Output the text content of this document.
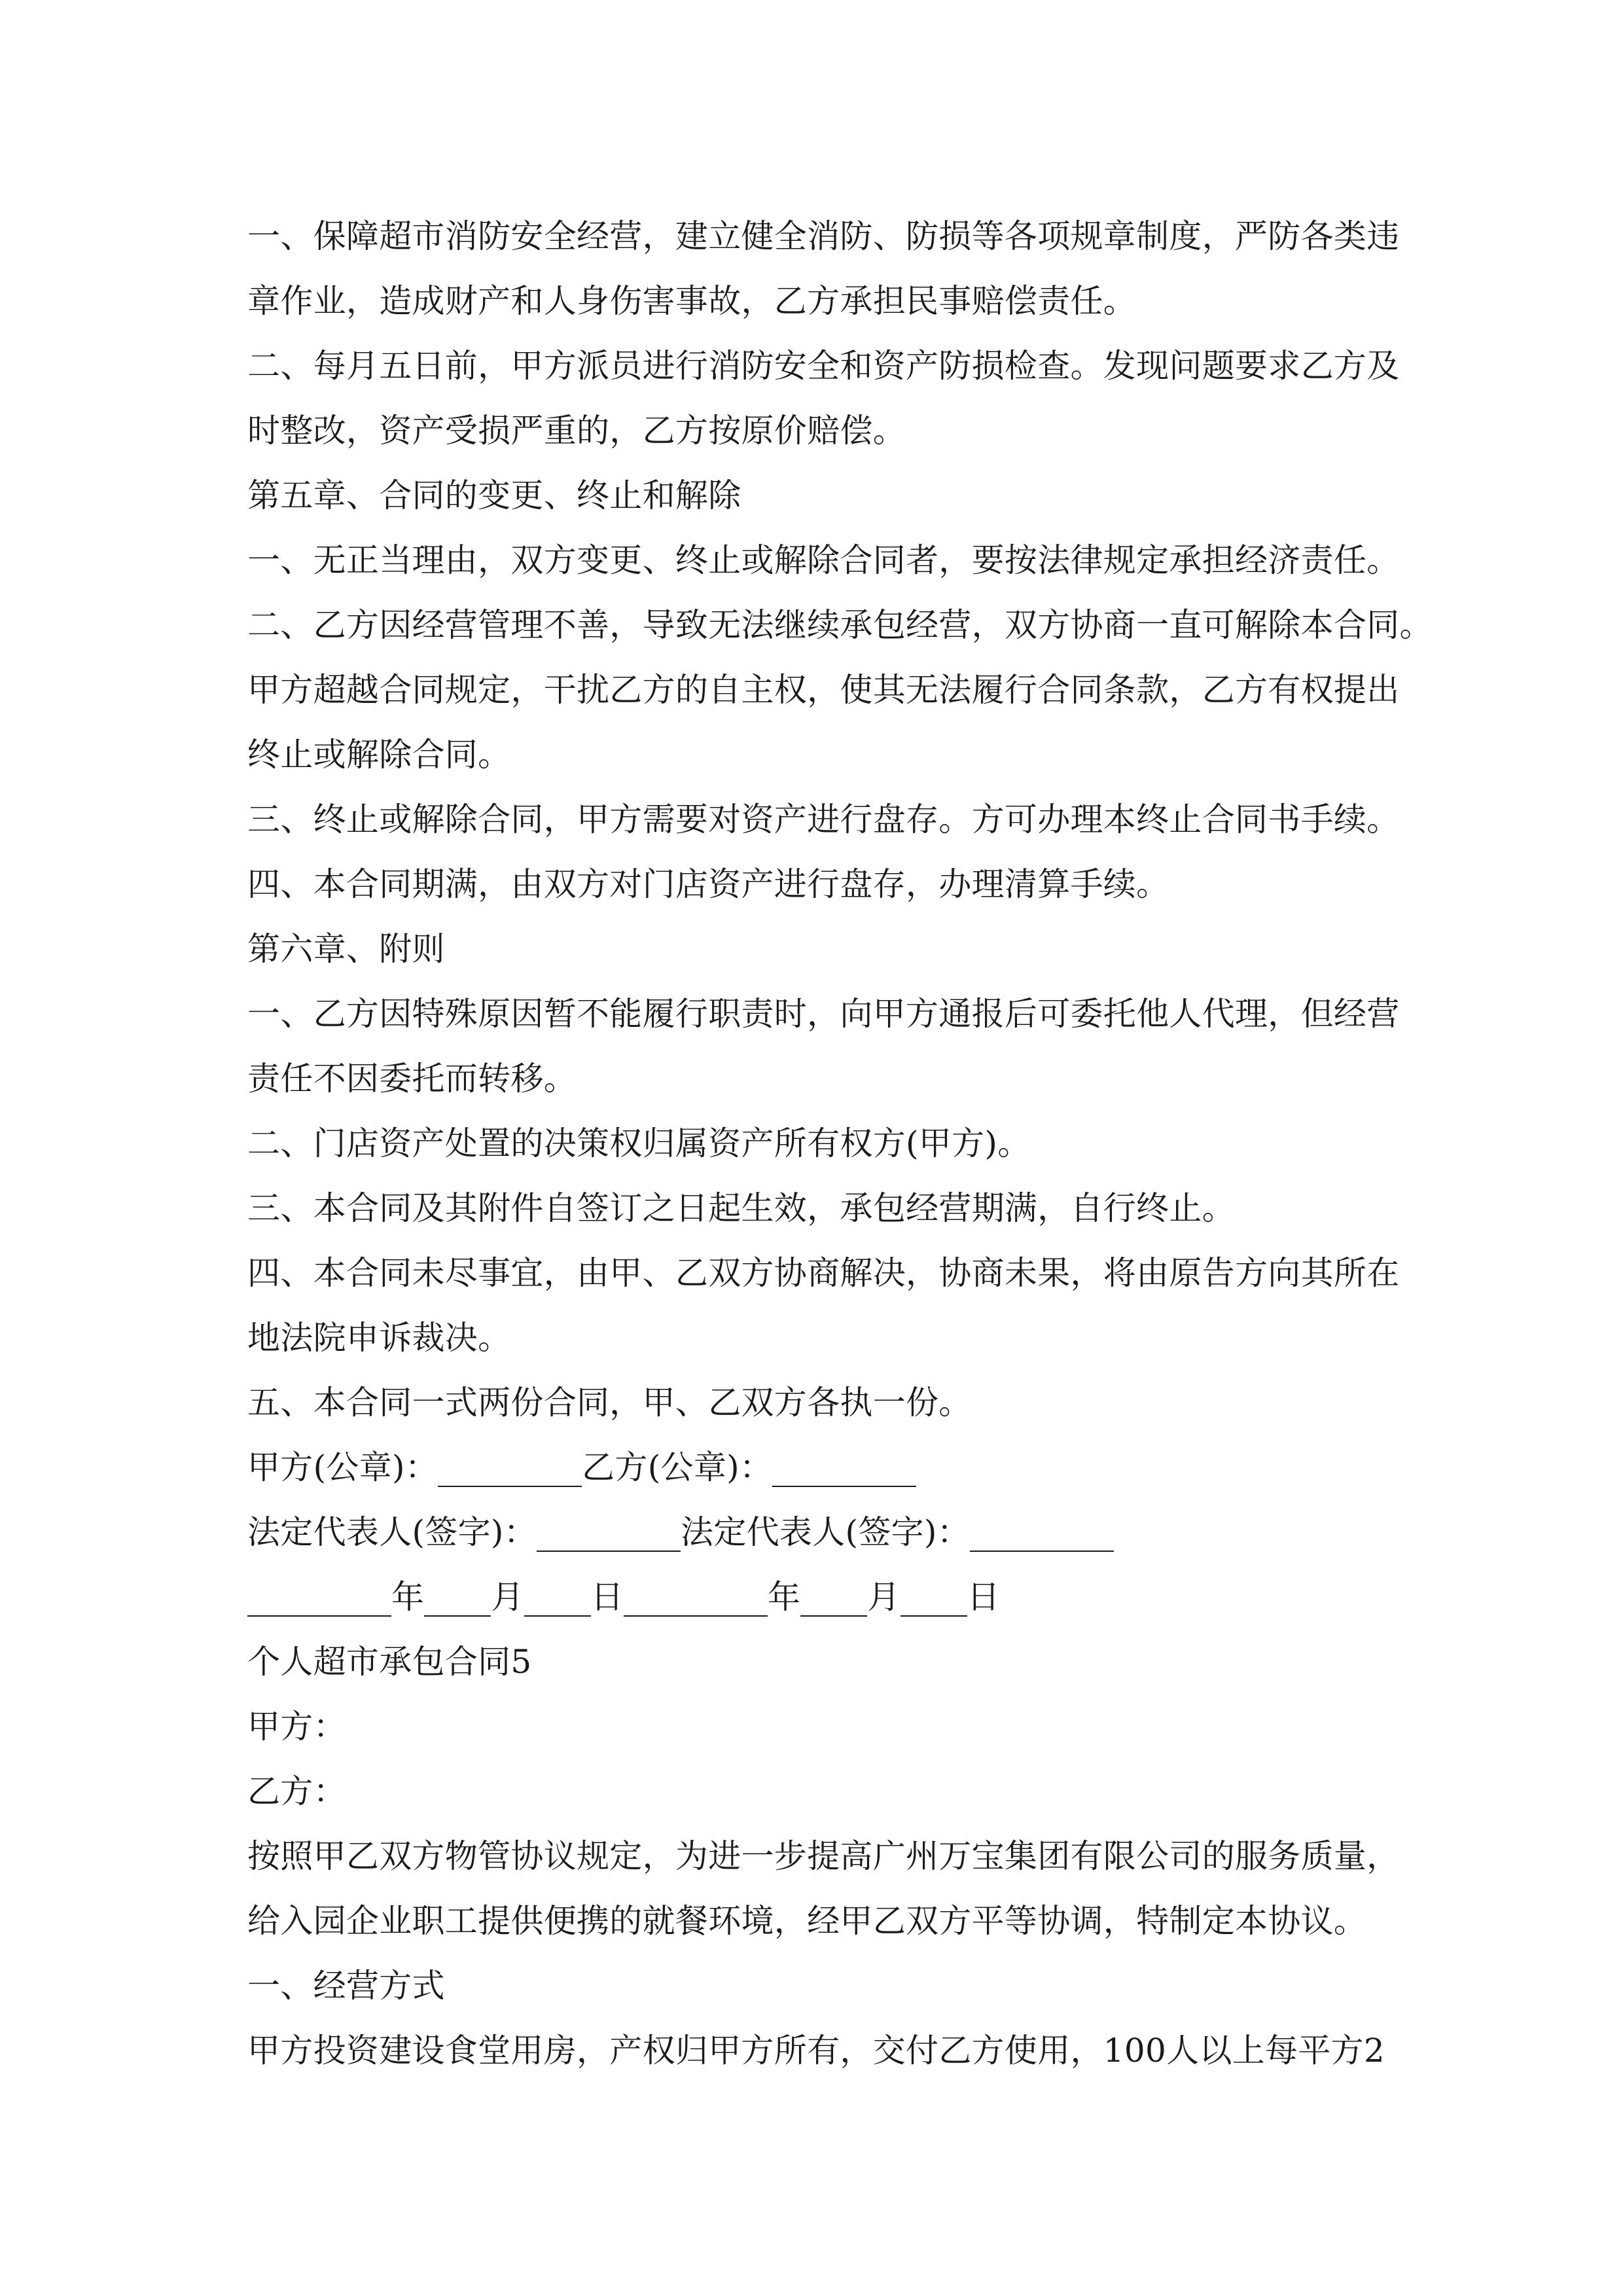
一、保障超市消防安全经营，建立健全消防、防损等各项规章制度，严防各类违
章作业，造成财产和人身伤害事故，乙方承担民事赔偿责任。
二、每月五日前，甲方派员进行消防安全和资产防损检查。发现问题要求乙方及
时整改，资产受损严重的，乙方按原价赔偿。
第五章、合同的变更、终止和解除
一、无正当理由，双方变更、终止或解除合同者，要按法律规定承担经济责任。
二、乙方因经营管理不善，导致无法继续承包经营，双方协商一直可解除本合同。
甲方超越合同规定，干扰乙方的自主权，使其无法履行合同条款，乙方有权提出
终止或解除合同。
三、终止或解除合同，甲方需要对资产进行盘存。方可办理本终止合同书手续。
四、本合同期满，由双方对门店资产进行盘存，办理清算手续。
第六章、附则
一、乙方因特殊原因暂不能履行职责时，向甲方通报后可委托他人代理，但经营
责任不因委托而转移。
二、门店资产处置的决策权归属资产所有权方(甲方)。
三、本合同及其附件自签订之日起生效，承包经营期满，自行终止。
四、本合同未尽事宜，由甲、乙双方协商解决，协商未果，将由原告方向其所在
地法院申诉裁决。
五、本合同一式两份合同，甲、乙双方各执一份。
甲方(公章)：	乙方(公章)：
法定代表人(签字)：	法定代表人(签字)：
年 月 日	年 月 日
个人超市承包合同5
甲方：
乙方：
按照甲乙双方物管协议规定，为进一步提高广州万宝集团有限公司的服务质量，
给入园企业职工提供便携的就餐环境，经甲乙双方平等协调，特制定本协议。
一、经营方式
甲方投资建设食堂用房，产权归甲方所有，交付乙方使用，100人以上每平方2
